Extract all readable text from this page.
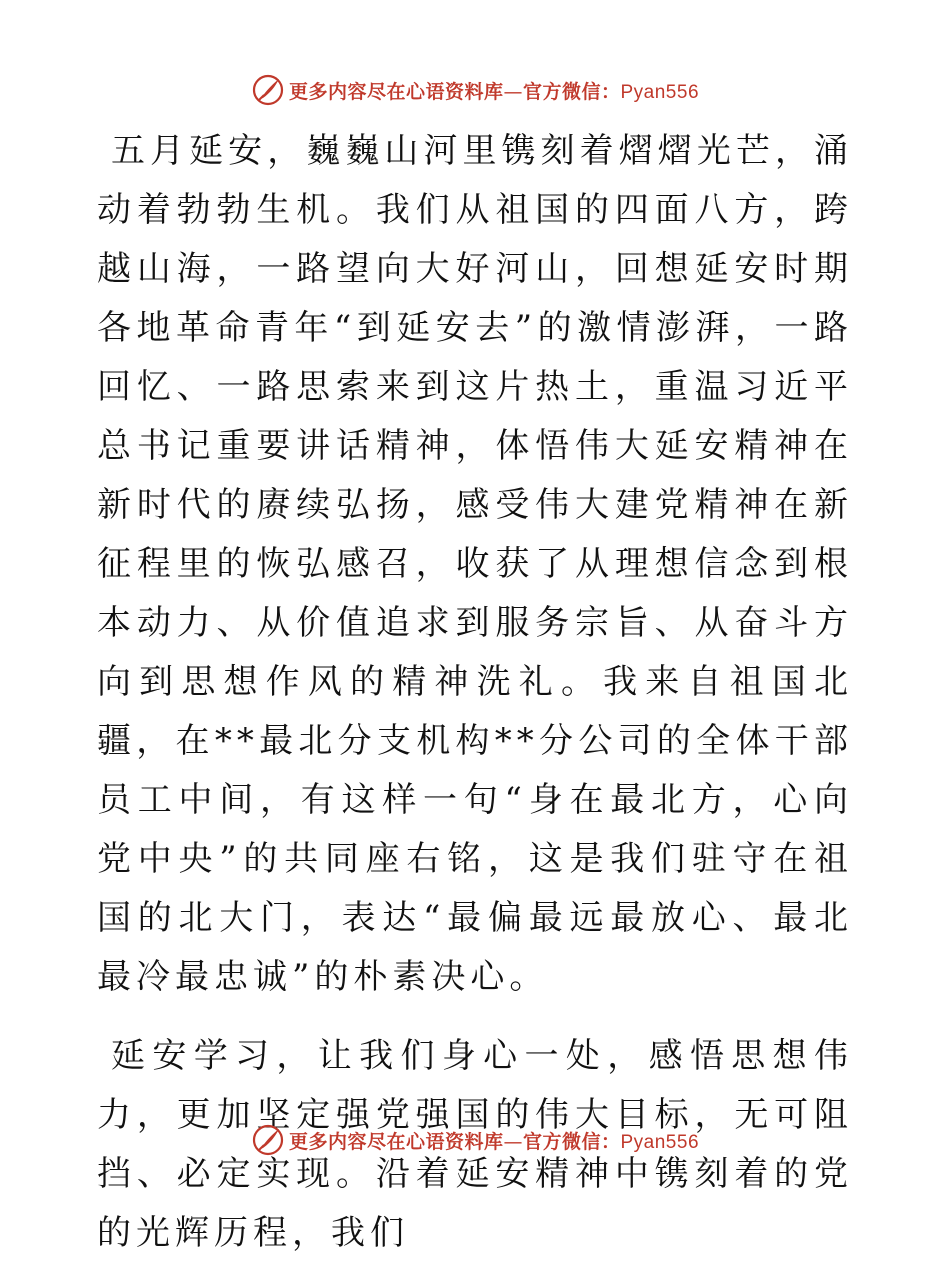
更多内容尽在心语资料库—官方微信：Pyan556

五月延安，巍巍山河里镌刻着熠熠光芒，涌动着勃勃生机。我们从祖国的四面八方，跨越山海，一路望向大好河山，回想延安时期各地革命青年“到延安去”的激情澎湃，一路回忆、一路思索来到这片热土，重温习近平总书记重要讲话精神，体悟伟大延安精神在新时代的赓续弘扬，感受伟大建党精神在新征程里的恢弘感召，收获了从理想信念到根本动力、从价值追求到服务宗旨、从奋斗方向到思想作风的精神洗礼。我来自祖国北疆，在**最北分支机构**分公司的全体干部员工中间，有这样一句“身在最北方，心向党中央”的共同座右铭，这是我们驻守在祖国的北大门，表达“最偏最远最放心、最北最冷最忠诚”的朴素决心。

延安学习，让我们身心一处，感悟思想伟力，更加坚定强党强国的伟大目标，无可阻挡、必定实现。沿着延安精神中镌刻着的党的光辉历程，我们

更多内容尽在心语资料库—官方微信：Pyan556
